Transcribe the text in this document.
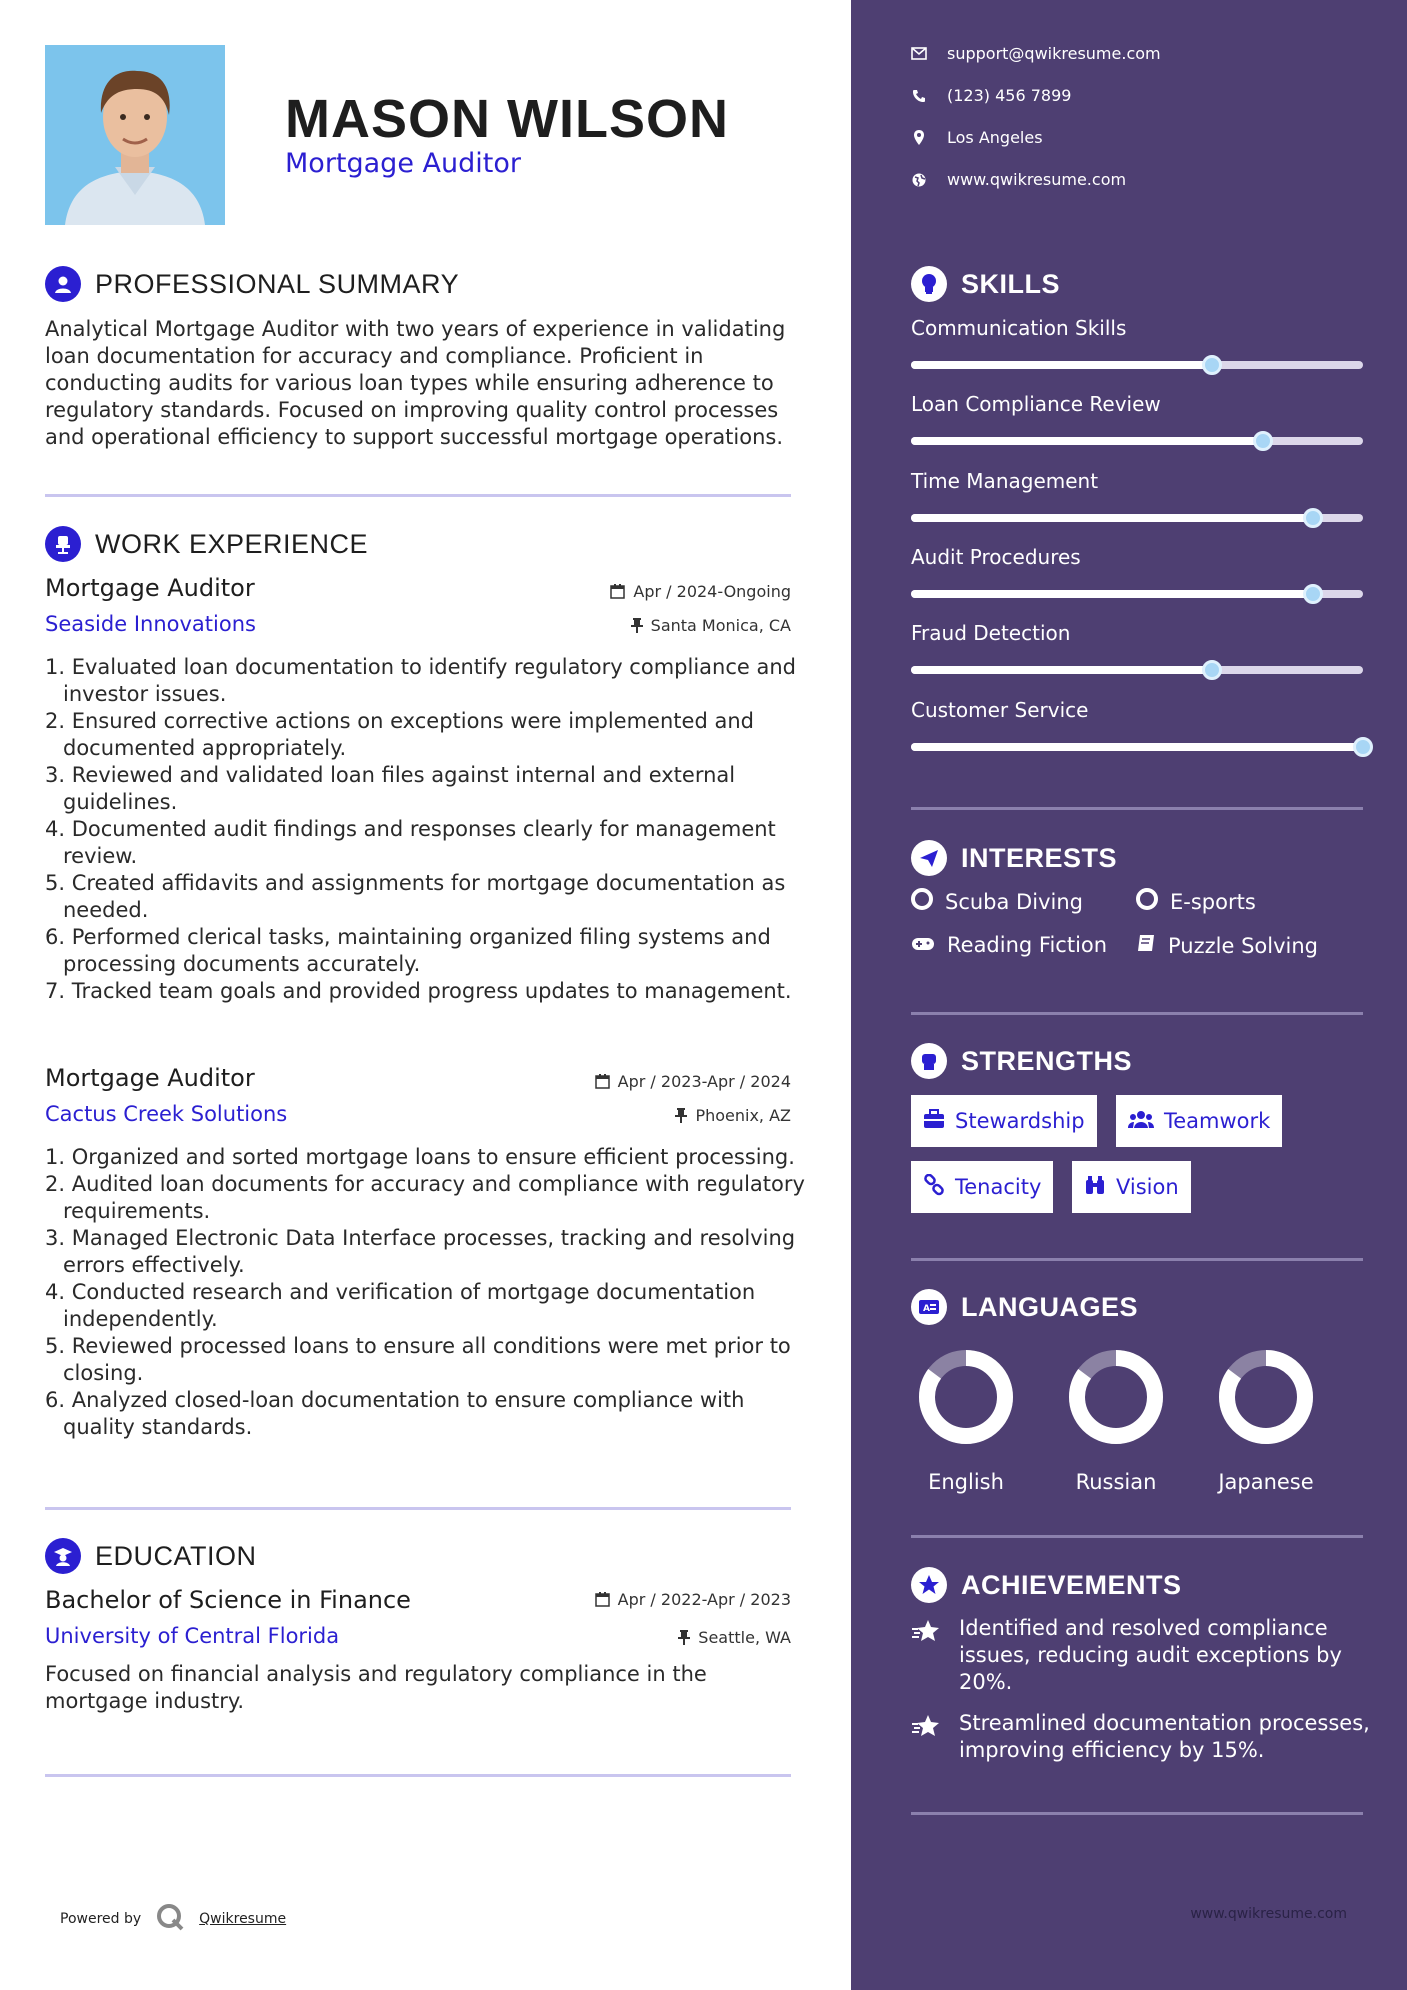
MASON WILSON
Mortgage Auditor
PROFESSIONAL SUMMARY
Analytical Mortgage Auditor with two years of experience in validating loan documentation for accuracy and compliance. Proficient in conducting audits for various loan types while ensuring adherence to regulatory standards. Focused on improving quality control processes and operational efficiency to support successful mortgage operations.
WORK EXPERIENCE
Mortgage Auditor	Apr / 2024-Ongoing
Seaside Innovations	Santa Monica, CA
1. Evaluated loan documentation to identify regulatory compliance and investor issues.
2. Ensured corrective actions on exceptions were implemented and documented appropriately.
3. Reviewed and validated loan files against internal and external guidelines.
4. Documented audit findings and responses clearly for management review.
5. Created affidavits and assignments for mortgage documentation as needed.
6. Performed clerical tasks, maintaining organized filing systems and processing documents accurately.
7. Tracked team goals and provided progress updates to management.
Mortgage Auditor	Apr / 2023-Apr / 2024
Cactus Creek Solutions	Phoenix, AZ
1. Organized and sorted mortgage loans to ensure efficient processing.
2. Audited loan documents for accuracy and compliance with regulatory requirements.
3. Managed Electronic Data Interface processes, tracking and resolving errors effectively.
4. Conducted research and verification of mortgage documentation independently.
5. Reviewed processed loans to ensure all conditions were met prior to closing.
6. Analyzed closed-loan documentation to ensure compliance with quality standards.
EDUCATION
Bachelor of Science in Finance	Apr / 2022-Apr / 2023
University of Central Florida	Seattle, WA
Focused on financial analysis and regulatory compliance in the mortgage industry.
Powered by	Qwikresume
support@qwikresume.com
(123) 456 7899
Los Angeles
www.qwikresume.com
SKILLS
Communication Skills
Loan Compliance Review
Time Management
Audit Procedures
Fraud Detection
Customer Service
INTERESTS
Scuba Diving	E-sports
Reading Fiction	Puzzle Solving
STRENGTHS
Stewardship	Teamwork
Tenacity	Vision
A LANGUAGES
English	Russian	Japanese
ACHIEVEMENTS
Identified and resolved compliance issues, reducing audit exceptions by 20%.
Streamlined documentation processes, improving efficiency by 15%.
www.qwikresume.com
